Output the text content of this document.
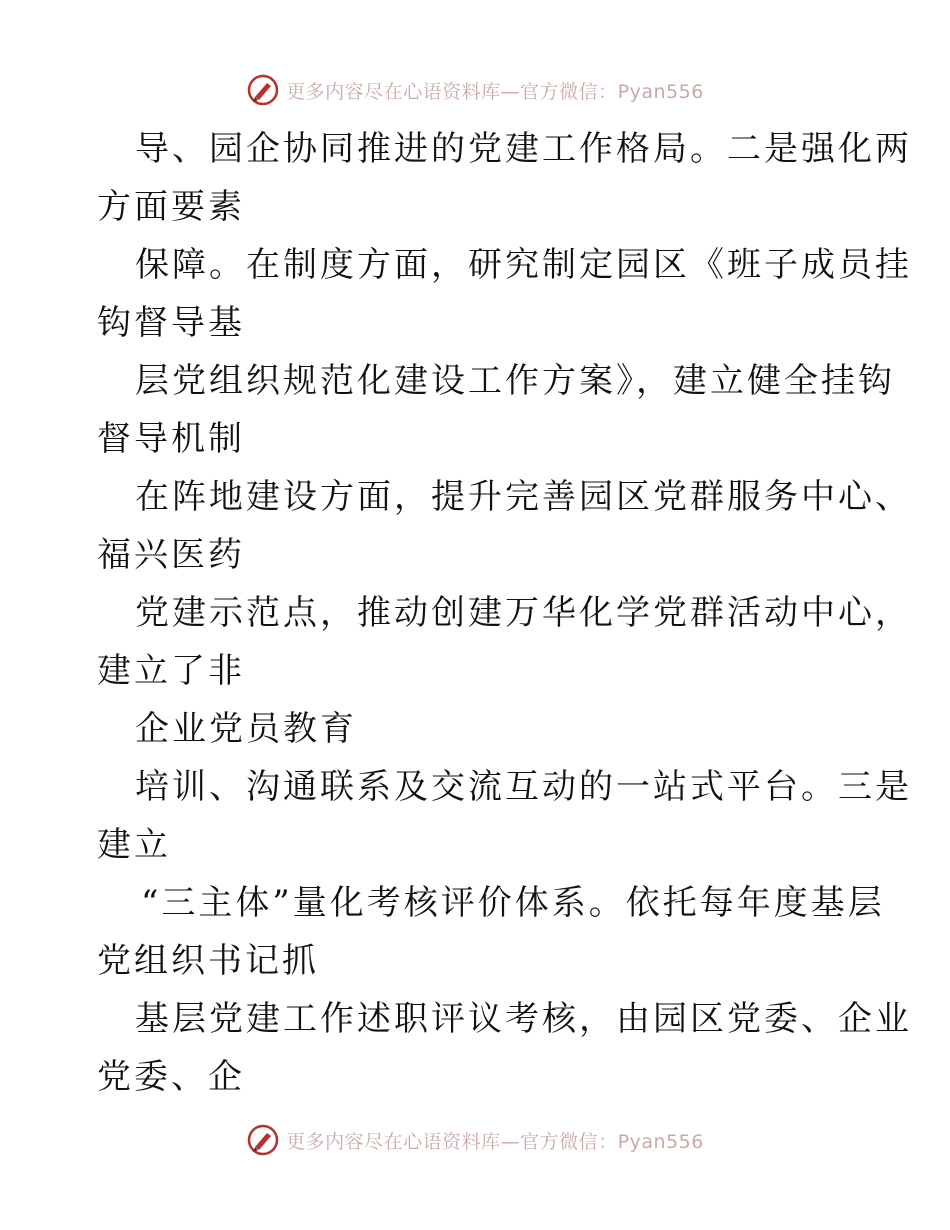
更多内容尽在心语资料库—官方微信：Pyan556
导、园企协同推进的党建工作格局。二是强化两
方面要素
保障。在制度方面，研究制定园区《班子成员挂
钩督导基
层党组织规范化建设工作方案》，建立健全挂钩
督导机制
在阵地建设方面，提升完善园区党群服务中心、
福兴医药
党建示范点，推动创建万华化学党群活动中心，
建立了非
企业党员教育
培训、沟通联系及交流互动的一站式平台。三是
建立
“三主体”量化考核评价体系。依托每年度基层
党组织书记抓
基层党建工作述职评议考核，由园区党委、企业
党委、企
更多内容尽在心语资料库—官方微信：Pyan556
